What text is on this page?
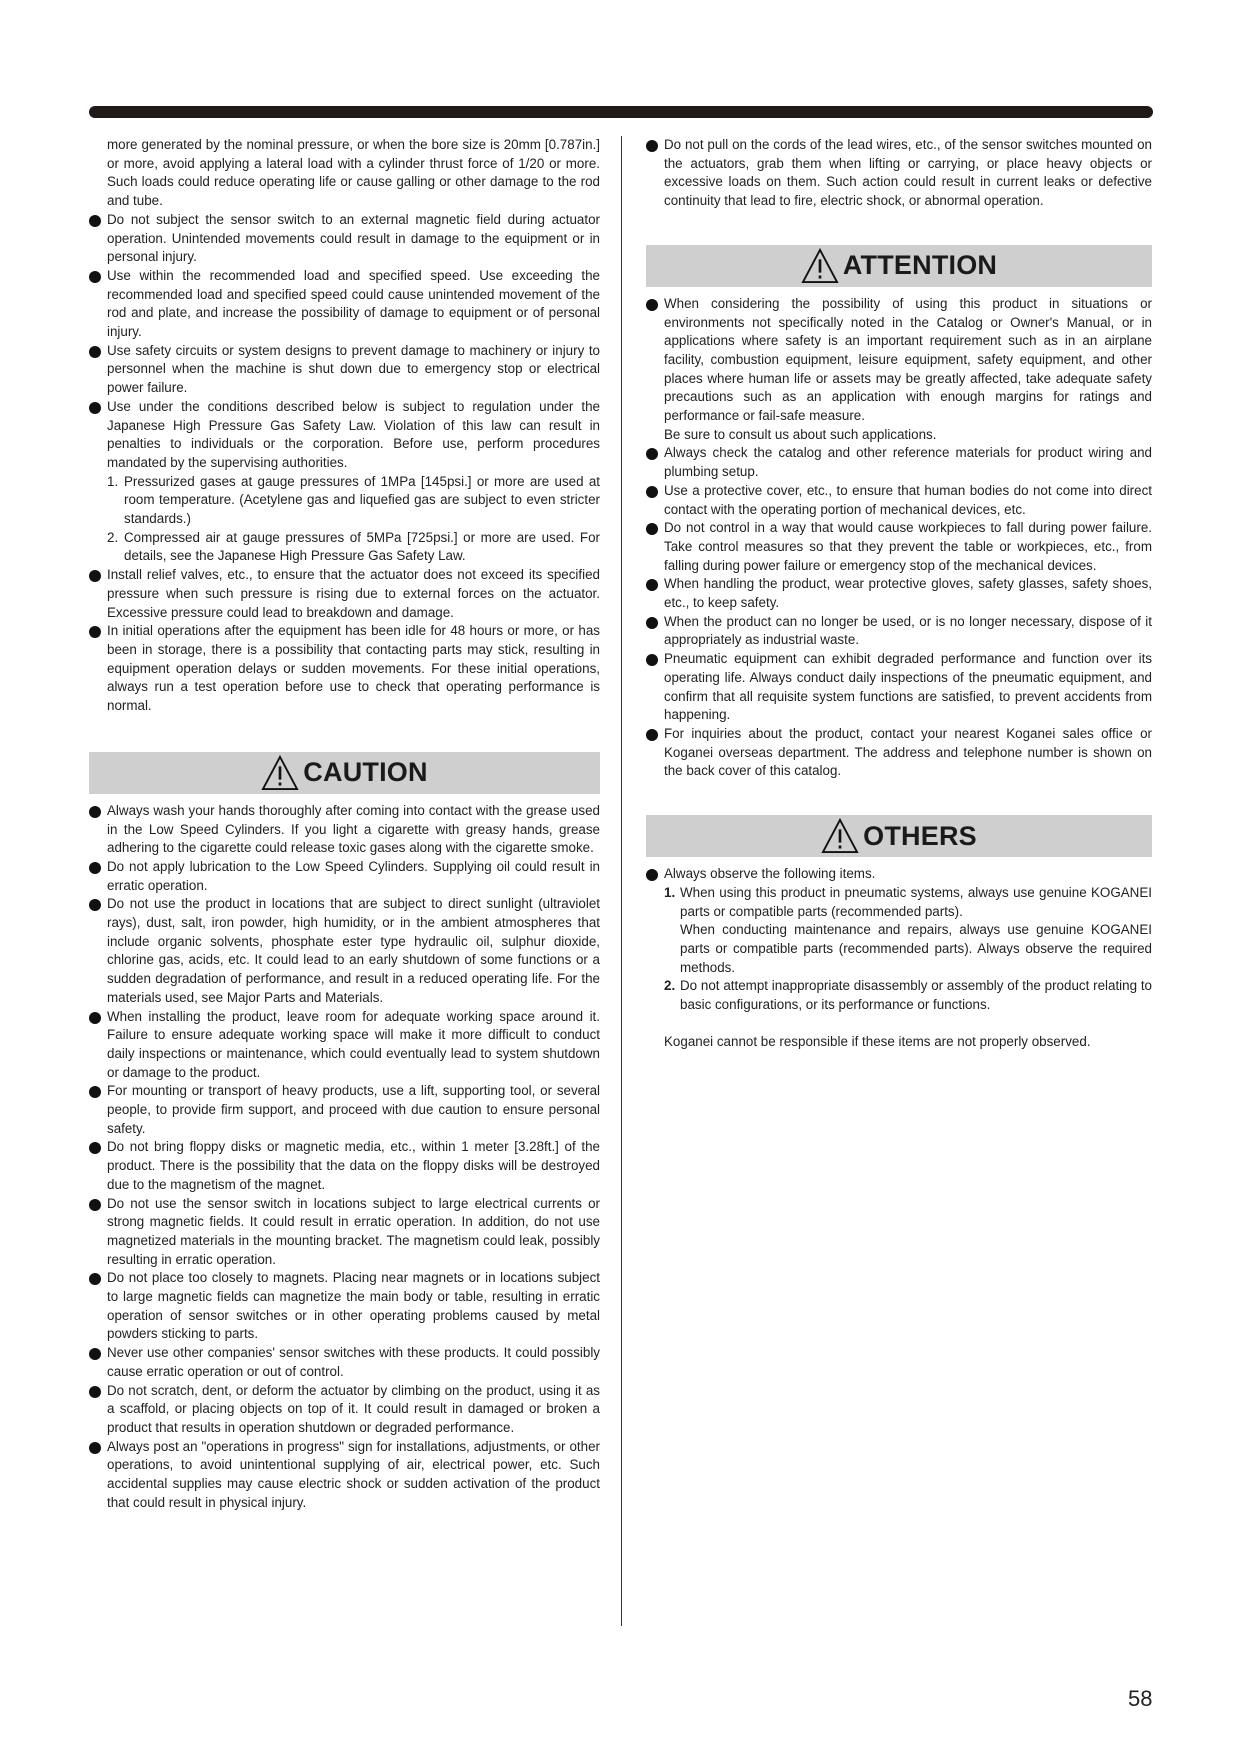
more generated by the nominal pressure, or when the bore size is 20mm [0.787in.] or more, avoid applying a lateral load with a cylinder thrust force of 1/20 or more. Such loads could reduce operating life or cause galling or other damage to the rod and tube.

Do not subject the sensor switch to an external magnetic field during actuator operation. Unintended movements could result in damage to the equipment or in personal injury.
Use within the recommended load and specified speed. Use exceeding the recommended load and specified speed could cause unintended movement of the rod and plate, and increase the possibility of damage to equipment or of personal injury.
Use safety circuits or system designs to prevent damage to machinery or injury to personnel when the machine is shut down due to emergency stop or electrical power failure.
Use under the conditions described below is subject to regulation under the Japanese High Pressure Gas Safety Law. Violation of this law can result in penalties to individuals or the corporation. Before use, perform procedures mandated by the supervising authorities.
1. Pressurized gases at gauge pressures of 1MPa [145psi.] or more are used at room temperature. (Acetylene gas and liquefied gas are subject to even stricter standards.)
2. Compressed air at gauge pressures of 5MPa [725psi.] or more are used. For details, see the Japanese High Pressure Gas Safety Law.
Install relief valves, etc., to ensure that the actuator does not exceed its specified pressure when such pressure is rising due to external forces on the actuator. Excessive pressure could lead to breakdown and damage.
In initial operations after the equipment has been idle for 48 hours or more, or has been in storage, there is a possibility that contacting parts may stick, resulting in equipment operation delays or sudden movements. For these initial operations, always run a test operation before use to check that operating performance is normal.
CAUTION
Always wash your hands thoroughly after coming into contact with the grease used in the Low Speed Cylinders. If you light a cigarette with greasy hands, grease adhering to the cigarette could release toxic gases along with the cigarette smoke.
Do not apply lubrication to the Low Speed Cylinders. Supplying oil could result in erratic operation.
Do not use the product in locations that are subject to direct sunlight (ultraviolet rays), dust, salt, iron powder, high humidity, or in the ambient atmospheres that include organic solvents, phosphate ester type hydraulic oil, sulphur dioxide, chlorine gas, acids, etc. It could lead to an early shutdown of some functions or a sudden degradation of performance, and result in a reduced operating life. For the materials used, see Major Parts and Materials.
When installing the product, leave room for adequate working space around it. Failure to ensure adequate working space will make it more difficult to conduct daily inspections or maintenance, which could eventually lead to system shutdown or damage to the product.
For mounting or transport of heavy products, use a lift, supporting tool, or several people, to provide firm support, and proceed with due caution to ensure personal safety.
Do not bring floppy disks or magnetic media, etc., within 1 meter [3.28ft.] of the product. There is the possibility that the data on the floppy disks will be destroyed due to the magnetism of the magnet.
Do not use the sensor switch in locations subject to large electrical currents or strong magnetic fields. It could result in erratic operation. In addition, do not use magnetized materials in the mounting bracket. The magnetism could leak, possibly resulting in erratic operation.
Do not place too closely to magnets. Placing near magnets or in locations subject to large magnetic fields can magnetize the main body or table, resulting in erratic operation of sensor switches or in other operating problems caused by metal powders sticking to parts.
Never use other companies' sensor switches with these products. It could possibly cause erratic operation or out of control.
Do not scratch, dent, or deform the actuator by climbing on the product, using it as a scaffold, or placing objects on top of it. It could result in damaged or broken a product that results in operation shutdown or degraded performance.
Always post an "operations in progress" sign for installations, adjustments, or other operations, to avoid unintentional supplying of air, electrical power, etc. Such accidental supplies may cause electric shock or sudden activation of the product that could result in physical injury.
Do not pull on the cords of the lead wires, etc., of the sensor switches mounted on the actuators, grab them when lifting or carrying, or place heavy objects or excessive loads on them. Such action could result in current leaks or defective continuity that lead to fire, electric shock, or abnormal operation.
ATTENTION
When considering the possibility of using this product in situations or environments not specifically noted in the Catalog or Owner's Manual, or in applications where safety is an important requirement such as in an airplane facility, combustion equipment, leisure equipment, safety equipment, and other places where human life or assets may be greatly affected, take adequate safety precautions such as an application with enough margins for ratings and performance or fail-safe measure.
Be sure to consult us about such applications.
Always check the catalog and other reference materials for product wiring and plumbing setup.
Use a protective cover, etc., to ensure that human bodies do not come into direct contact with the operating portion of mechanical devices, etc.
Do not control in a way that would cause workpieces to fall during power failure. Take control measures so that they prevent the table or workpieces, etc., from falling during power failure or emergency stop of the mechanical devices.
When handling the product, wear protective gloves, safety glasses, safety shoes, etc., to keep safety.
When the product can no longer be used, or is no longer necessary, dispose of it appropriately as industrial waste.
Pneumatic equipment can exhibit degraded performance and function over its operating life. Always conduct daily inspections of the pneumatic equipment, and confirm that all requisite system functions are satisfied, to prevent accidents from happening.
For inquiries about the product, contact your nearest Koganei sales office or Koganei overseas department. The address and telephone number is shown on the back cover of this catalog.
OTHERS
Always observe the following items.
1. When using this product in pneumatic systems, always use genuine KOGANEI parts or compatible parts (recommended parts).
When conducting maintenance and repairs, always use genuine KOGANEI parts or compatible parts (recommended parts). Always observe the required methods.
2. Do not attempt inappropriate disassembly or assembly of the product relating to basic configurations, or its performance or functions.

Koganei cannot be responsible if these items are not properly observed.

58
